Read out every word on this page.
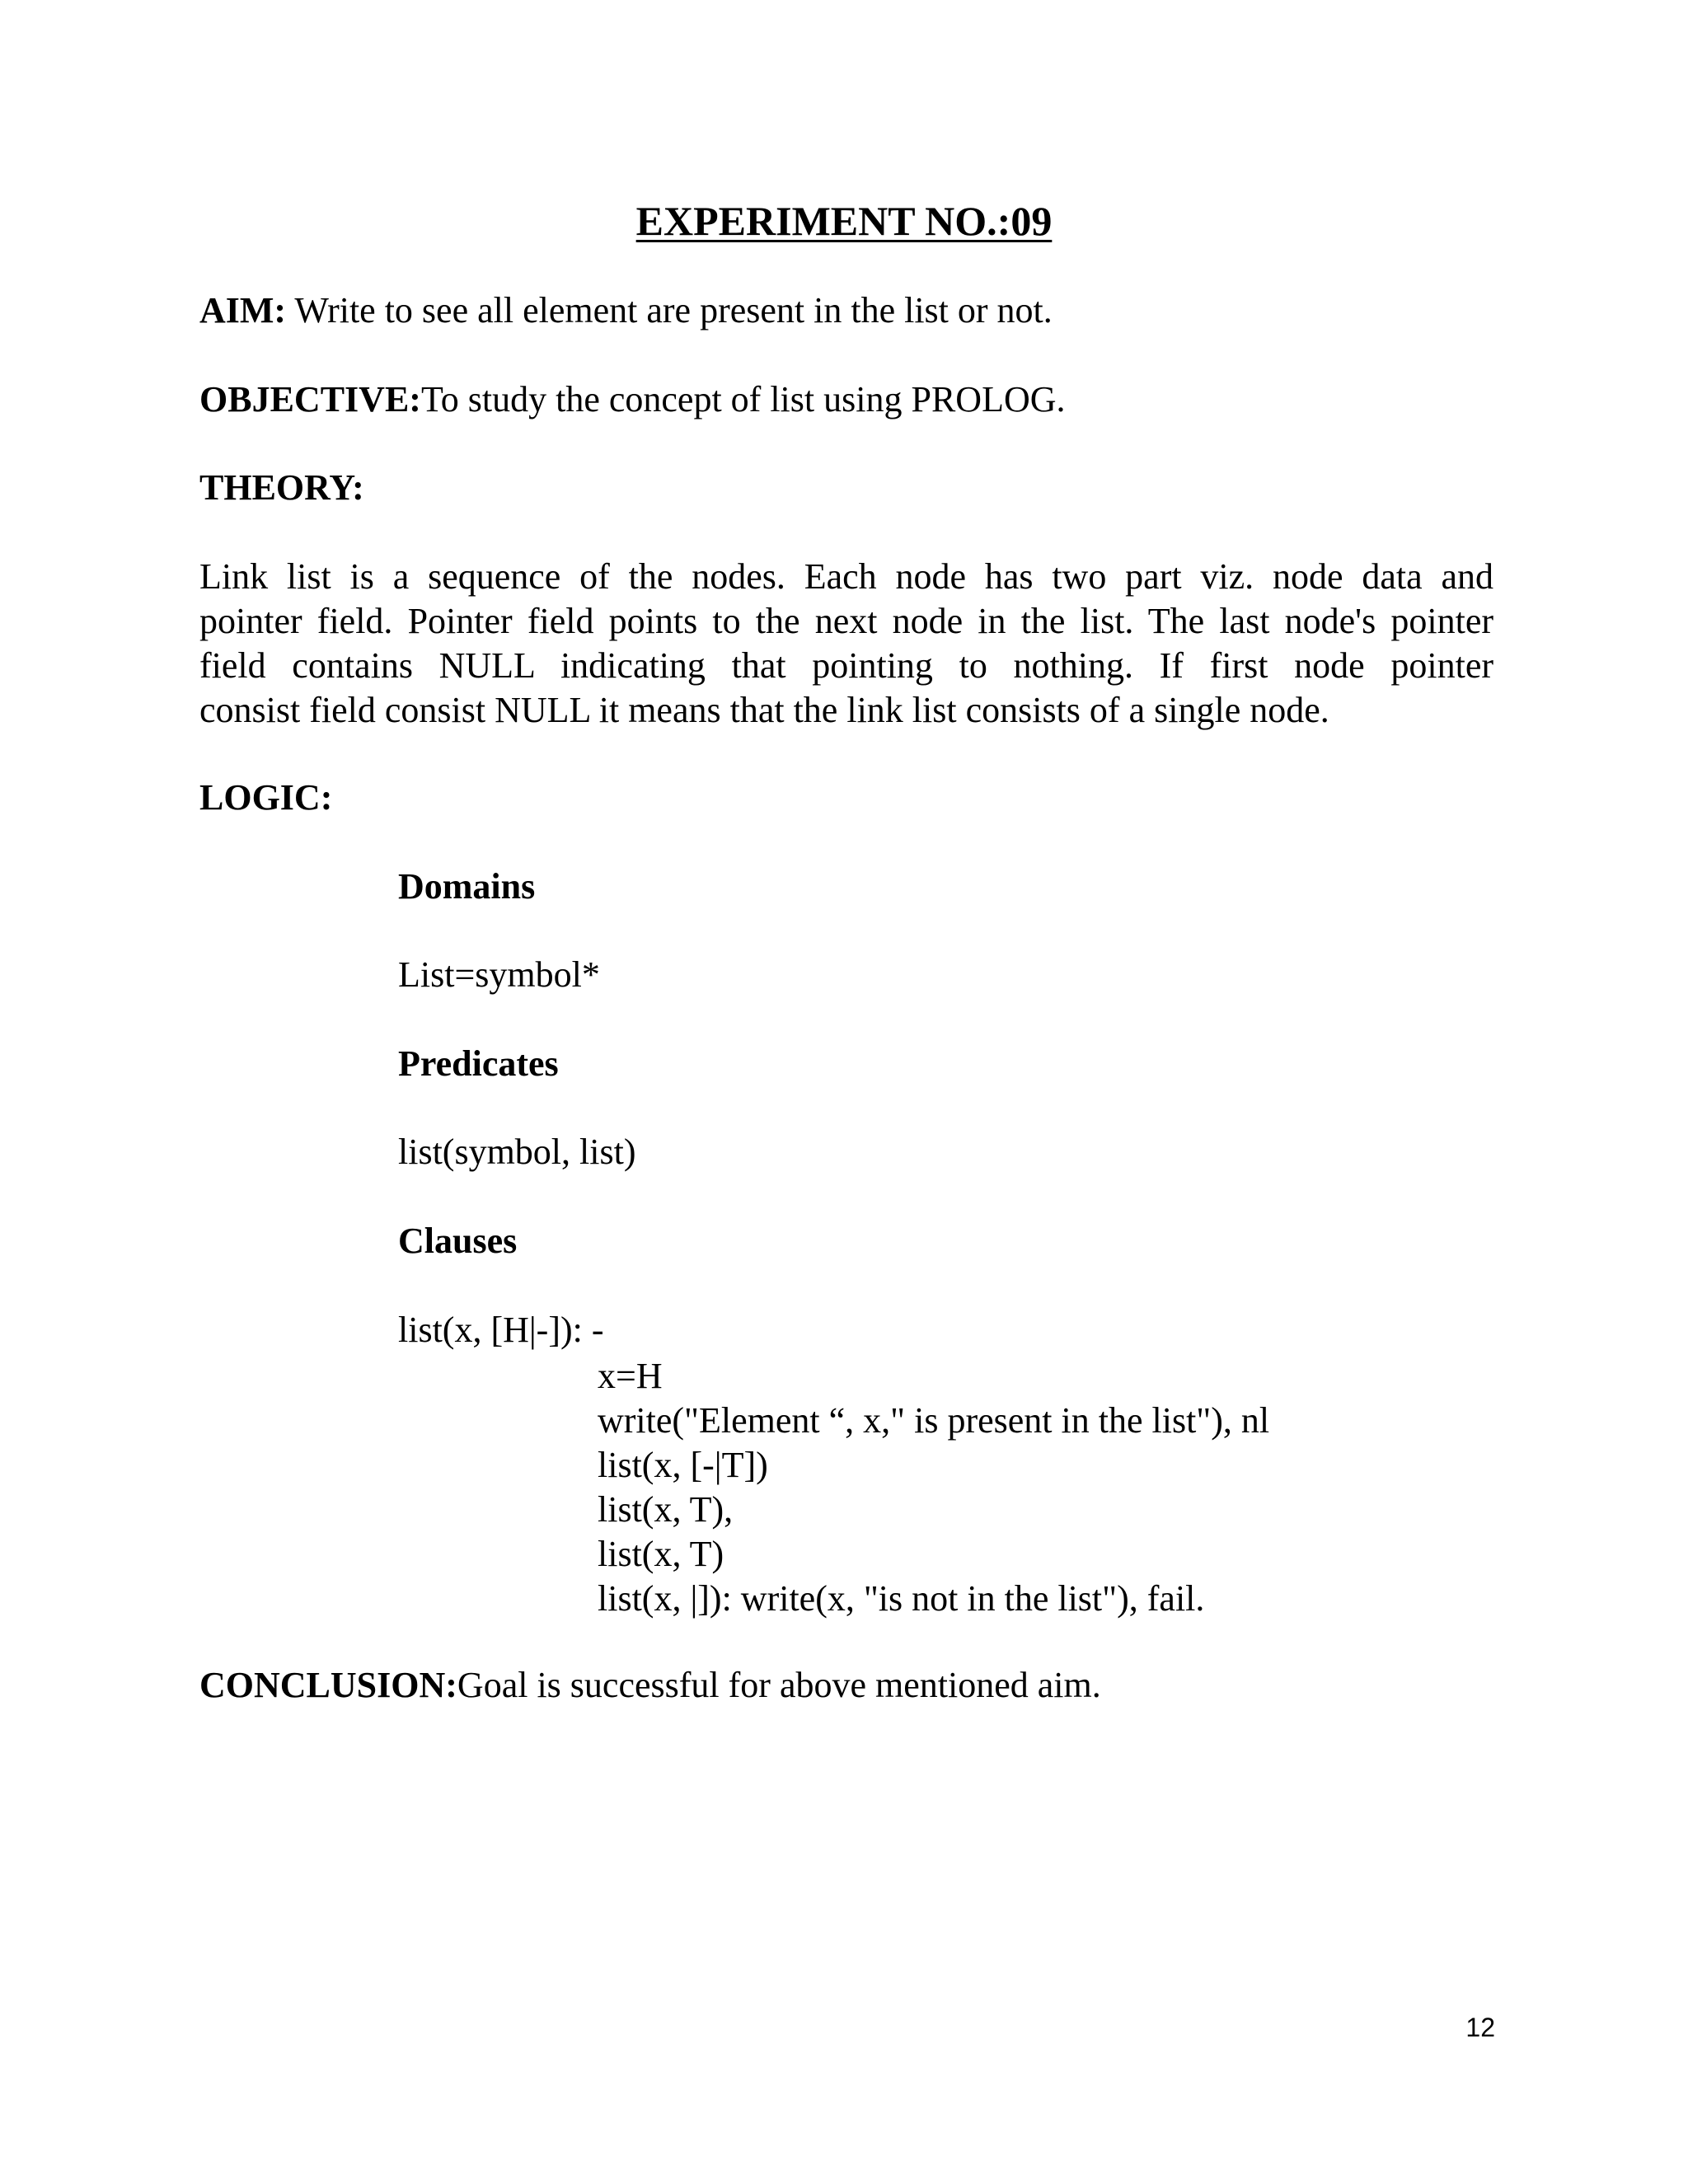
EXPERIMENT NO.:09
AIM: Write to see all element are present in the list or not.
OBJECTIVE:To study the concept of list using PROLOG.
THEORY:
Link list is a sequence of the nodes. Each node has two part viz. node data and
pointer field. Pointer field points to the next node in the list. The last node's pointer
field contains NULL indicating that pointing to nothing. If first node pointer
consist field consist NULL it means that the link list consists of a single node.
LOGIC:
Domains
List=symbol*
Predicates
list(symbol, list)
Clauses
list(x, [H|-]): -
x=H
write("Element “, x," is present in the list"), nl
list(x, [-|T])
list(x, T),
list(x, T)
list(x, |]): write(x, "is not in the list"), fail.
CONCLUSION:Goal is successful for above mentioned aim.
12
